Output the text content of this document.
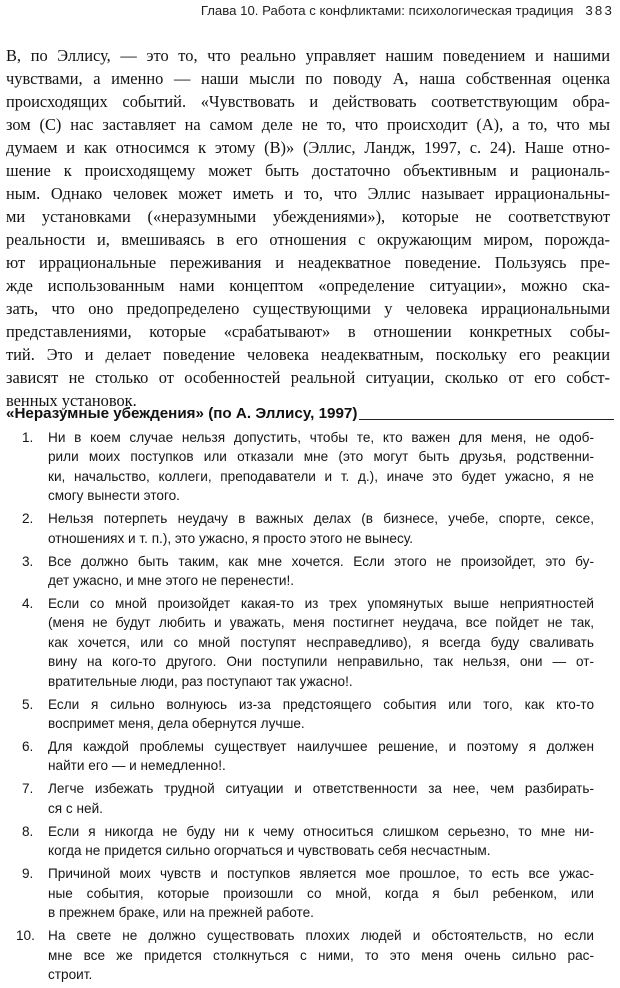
Глава 10. Работа с конфликтами: психологическая традиция 383
В, по Эллису, — это то, что реально управляет нашим поведением и нашими
чувствами, а именно — наши мысли по поводу А, наша собственная оценка
происходящих событий. «Чувствовать и действовать соответствующим обра-
зом (C) нас заставляет на самом деле не то, что происходит (А), а то, что мы
думаем и как относимся к этому (B)» (Эллис, Ландж, 1997, с. 24). Наше отно-
шение к происходящему может быть достаточно объективным и рациональ-
ным. Однако человек может иметь и то, что Эллис называет иррациональны-
ми установками («неразумными убеждениями»), которые не соответствуют
реальности и, вмешиваясь в его отношения с окружающим миром, порожда-
ют иррациональные переживания и неадекватное поведение. Пользуясь пре-
жде использованным нами концептом «определение ситуации», можно ска-
зать, что оно предопределено существующими у человека иррациональными
представлениями, которые «срабатывают» в отношении конкретных собы-
тий. Это и делает поведение человека неадекватным, поскольку его реакции
зависят не столько от особенностей реальной ситуации, сколько от его собст-
венных установок.
«Неразумные убеждения» (по А. Эллису, 1997)
1.	Ни в коем случае нельзя допустить, чтобы те, кто важен для меня, не одоб-
рили моих поступков или отказали мне (это могут быть друзья, родственни-
ки, начальство, коллеги, преподаватели и т. д.), иначе это будет ужасно, я не
смогу вынести этого.
2.	Нельзя потерпеть неудачу в важных делах (в бизнесе, учебе, спорте, сексе,
отношениях и т. п.), это ужасно, я просто этого не вынесу.
3.	Все должно быть таким, как мне хочется. Если этого не произойдет, это бу-
дет ужасно, и мне этого не перенести!.
4.	Если со мной произойдет какая-то из трех упомянутых выше неприятностей
(меня не будут любить и уважать, меня постигнет неудача, все пойдет не так,
как хочется, или со мной поступят несправедливо), я всегда буду сваливать
вину на кого-то другого. Они поступили неправильно, так нельзя, они — от-
вратительные люди, раз поступают так ужасно!.
5.	Если я сильно волнуюсь из-за предстоящего события или того, как кто-то
воспримет меня, дела обернутся лучше.
6.	Для каждой проблемы существует наилучшее решение, и поэтому я должен
найти его — и немедленно!.
7.	Легче избежать трудной ситуации и ответственности за нее, чем разбирать-
ся с ней.
8.	Если я никогда не буду ни к чему относиться слишком серьезно, то мне ни-
когда не придется сильно огорчаться и чувствовать себя несчастным.
9.	Причиной моих чувств и поступков является мое прошлое, то есть все ужас-
ные события, которые произошли со мной, когда я был ребенком, или
в прежнем браке, или на прежней работе.
10. На свете не должно существовать плохих людей и обстоятельств, но если
мне все же придется столкнуться с ними, то это меня очень сильно рас-
строит.
